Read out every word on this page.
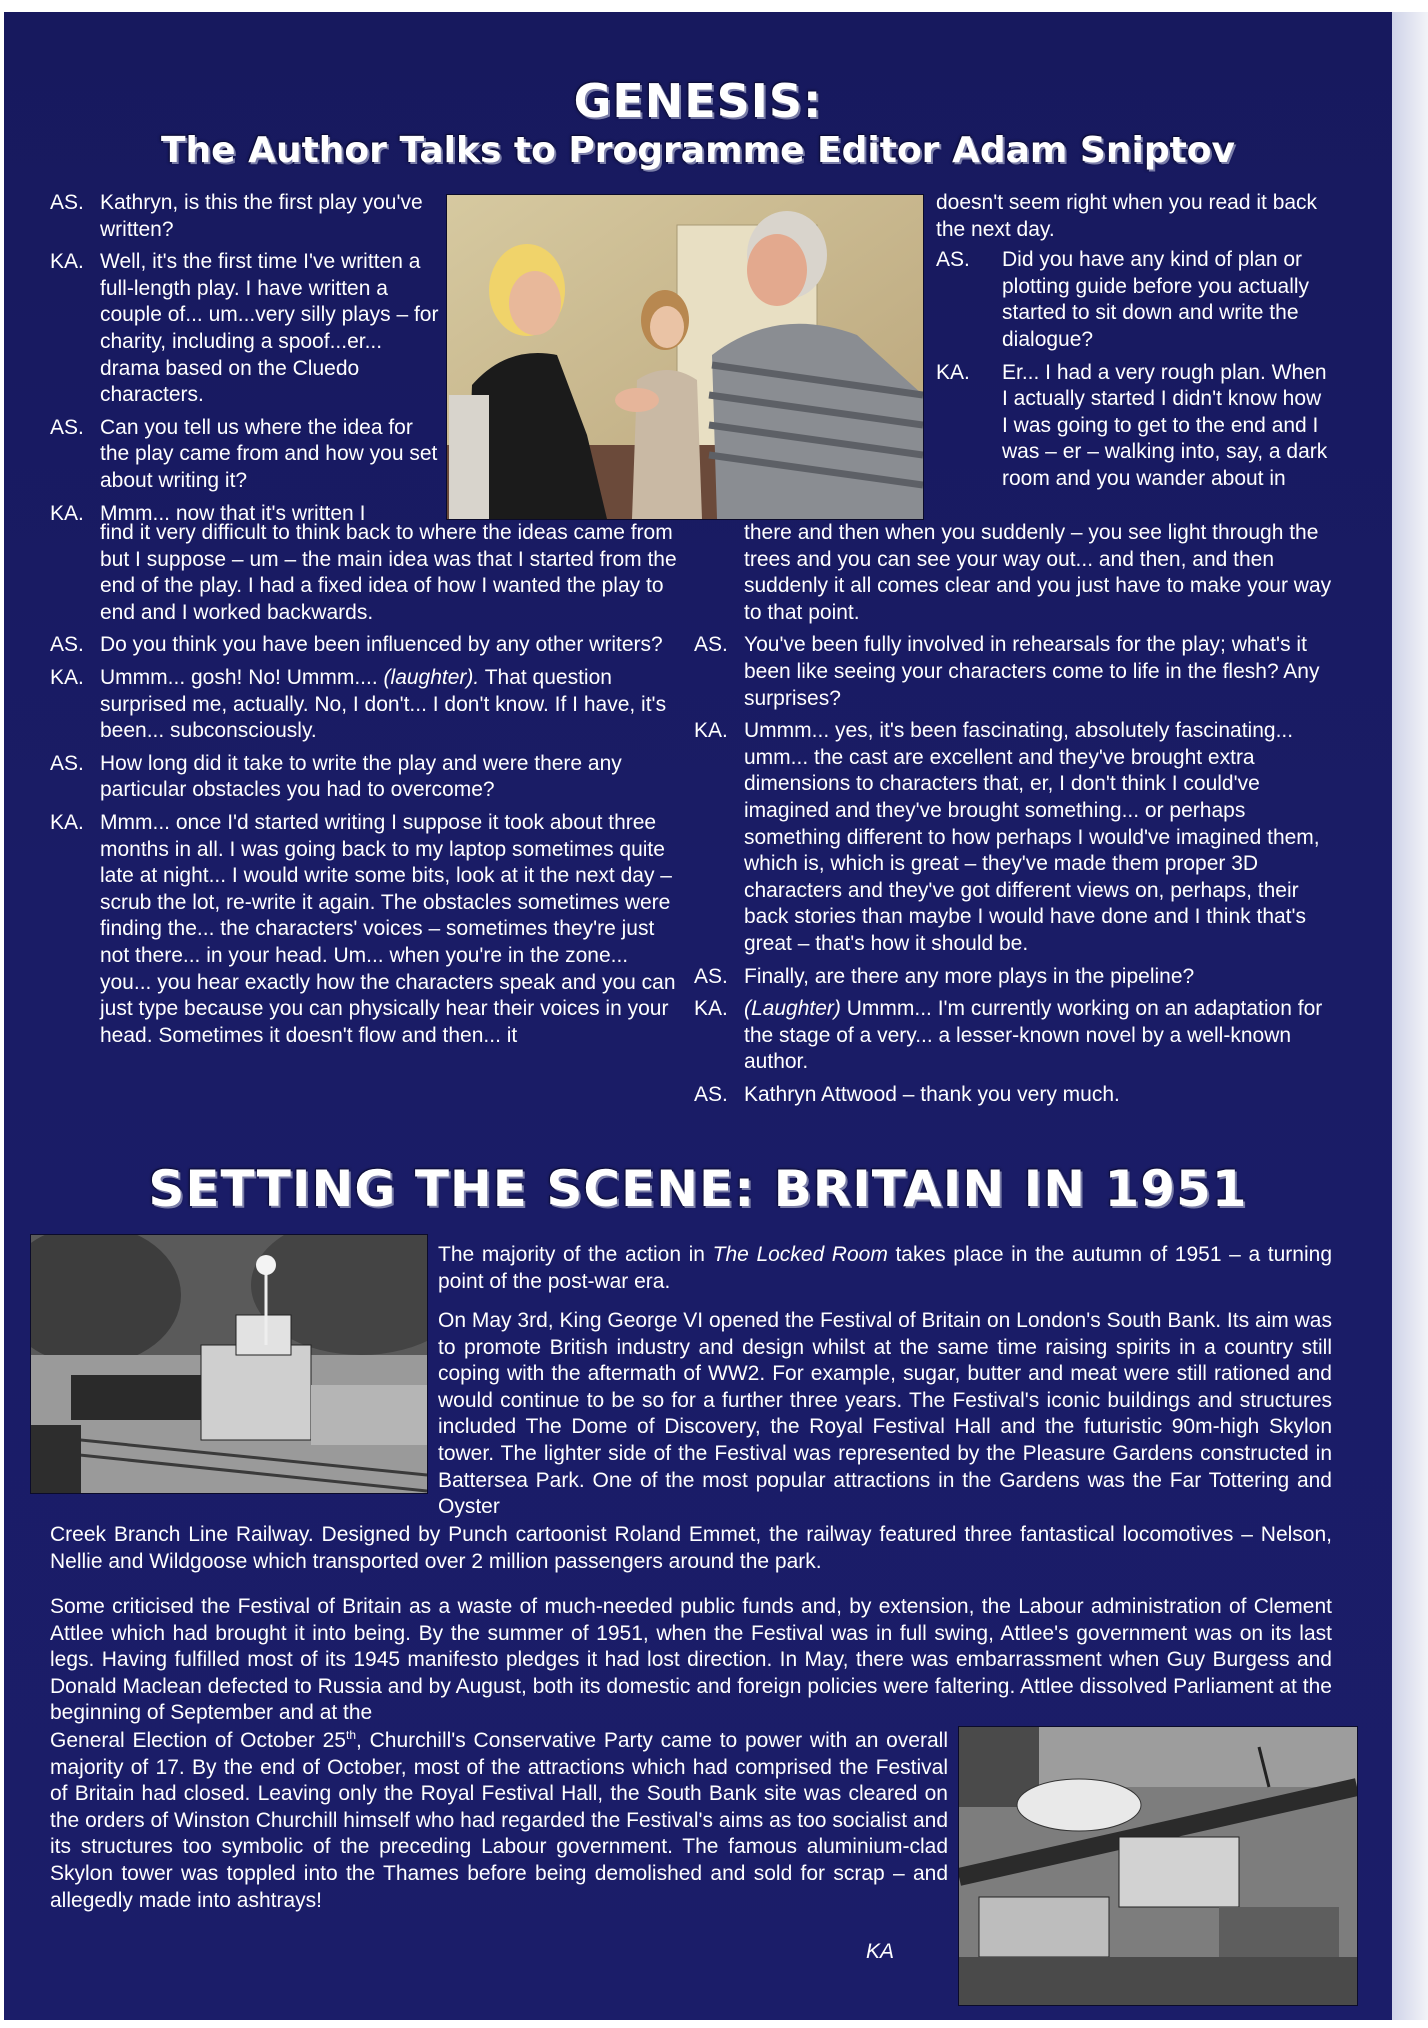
GENESIS:
The Author Talks to Programme Editor Adam Sniptov
AS. Kathryn, is this the first play you've written?
KA. Well, it's the first time I've written a full-length play. I have written a couple of... um...very silly plays – for charity, including a spoof...er... drama based on the Cluedo characters.
AS. Can you tell us where the idea for the play came from and how you set about writing it?
KA. Mmm... now that it's written I
find it very difficult to think back to where the ideas came from but I suppose – um – the main idea was that I started from the end of the play. I had a fixed idea of how I wanted the play to end and I worked backwards.
AS. Do you think you have been influenced by any other writers?
KA. Ummm... gosh! No! Ummm.... (laughter). That question surprised me, actually. No, I don't... I don't know. If I have, it's been... subconsciously.
AS. How long did it take to write the play and were there any particular obstacles you had to overcome?
KA. Mmm... once I'd started writing I suppose it took about three months in all. I was going back to my laptop sometimes quite late at night... I would write some bits, look at it the next day – scrub the lot, re-write it again. The obstacles sometimes were finding the... the characters' voices – sometimes they're just not there... in your head. Um... when you're in the zone... you... you hear exactly how the characters speak and you can just type because you can physically hear their voices in your head. Sometimes it doesn't flow and then... it
doesn't seem right when you read it back the next day.
AS.	Did you have any kind of plan or plotting guide before you actually started to sit down and write the dialogue?
KA.	Er... I had a very rough plan. When I actually started I didn't know how I was going to get to the end and I was – er – walking into, say, a dark room and you wander about in
there and then when you suddenly – you see light through the trees and you can see your way out... and then, and then suddenly it all comes clear and you just have to make your way to that point.
AS. You've been fully involved in rehearsals for the play; what's it been like seeing your characters come to life in the flesh? Any surprises?
KA. Ummm... yes, it's been fascinating, absolutely fascinating... umm... the cast are excellent and they've brought extra dimensions to characters that, er, I don't think I could've imagined and they've brought something... or perhaps something different to how perhaps I would've imagined them, which is, which is great – they've made them proper 3D characters and they've got different views on, perhaps, their back stories than maybe I would have done and I think that's great – that's how it should be.
AS. Finally, are there any more plays in the pipeline?
KA. (Laughter) Ummm... I'm currently working on an adaptation for the stage of a very... a lesser-known novel by a well-known author.
AS. Kathryn Attwood – thank you very much.
SETTING THE SCENE: BRITAIN IN 1951
The majority of the action in The Locked Room takes place in the autumn of 1951 – a turning point of the post-war era.
On May 3rd, King George VI opened the Festival of Britain on London's South Bank. Its aim was to promote British industry and design whilst at the same time raising spirits in a country still coping with the aftermath of WW2. For example, sugar, butter and meat were still rationed and would continue to be so for a further three years. The Festival's iconic buildings and structures included The Dome of Discovery, the Royal Festival Hall and the futuristic 90m-high Skylon tower. The lighter side of the Festival was represented by the Pleasure Gardens constructed in Battersea Park. One of the most popular attractions in the Gardens was the Far Tottering and Oyster
Creek Branch Line Railway. Designed by Punch cartoonist Roland Emmet, the railway featured three fantastical locomotives – Nelson, Nellie and Wildgoose which transported over 2 million passengers around the park.
Some criticised the Festival of Britain as a waste of much-needed public funds and, by extension, the Labour administration of Clement Attlee which had brought it into being. By the summer of 1951, when the Festival was in full swing, Attlee's government was on its last legs. Having fulfilled most of its 1945 manifesto pledges it had lost direction. In May, there was embarrassment when Guy Burgess and Donald Maclean defected to Russia and by August, both its domestic and foreign policies were faltering. Attlee dissolved Parliament at the beginning of September and at the
General Election of October 25th, Churchill's Conservative Party came to power with an overall majority of 17. By the end of October, most of the attractions which had comprised the Festival of Britain had closed. Leaving only the Royal Festival Hall, the South Bank site was cleared on the orders of Winston Churchill himself who had regarded the Festival's aims as too socialist and its structures too symbolic of the preceding Labour government. The famous aluminium-clad Skylon tower was toppled into the Thames before being demolished and sold for scrap – and allegedly made into ashtrays!
KA
